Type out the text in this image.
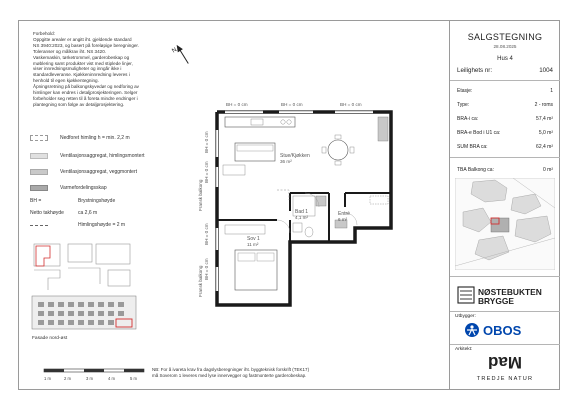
Forbehold:

Oppgitte arealer er angitt iht. gjeldende standard

NS 3940:2023, og basert på foreløpige beregninger.

Toleranser og målkrav iht. NS 3420.

Vaskemaskin, tørketrommel, garderobeskap og

møblering samt produkter vist med stiplede linjer,

viser innredningsmuligheter og inngår ikke i

standardleveranse. Kjøkkeninnredning leveres i

henhold til egen kjøkkentegning.

Åpningsretning på balkongskyvedør og nedforing av

himlinger kan endres i detaljprosjekteringen. Selger

forbeholder seg retten til å foreta mindre endringer i

plantegning som følge av detaljprosjektering.

N
Nedforet himling h = min. 2,2 m
Ventilasjonsaggregat, himlingsmontert
Ventilasjonsaggregat, veggmontert
Varmefordelingsskap
BH =	Brystningshøyde
Netto takhøyde	ca 2,6 m
Himlingshøyde = 2 m
Fasade nord-øst
1 m	2 m	3 m	4 m	5 m
BH = 0 cm	BH = 0 cm	BH = 0 cm
BH = 0 cm
BH = 0 cm
BH = 0 cm
BH = 0 cm
Fransk balkong
Fransk balkong
Stue/Kjøkken
36 m²
Bad 1
4,1 m²
Entré
6 m²
Sov 1
11 m²
NB: For å ivareta krav fra dagslysberegninger iht. byggteknisk forskrift (TEK17)
må Soverom 1 leveres med lyse innervegger og fastmonterte garderobeskap.
SALGSTEGNING
28.08.2025
Hus 4
Leilighets nr:	1004
Etasje:	1
Type:	2 - roms
BRA-i ca:	57,4 m²
BRA-e Bod i U1 ca:	5,0 m²
SUM BRA ca:	62,4 m²
TBA Balkong ca:	0 m²
NØSTEBUKTEN
BRYGGE
Utbygger:
OBOS
Arkitekt:
Mad
TREDJE NATUR
